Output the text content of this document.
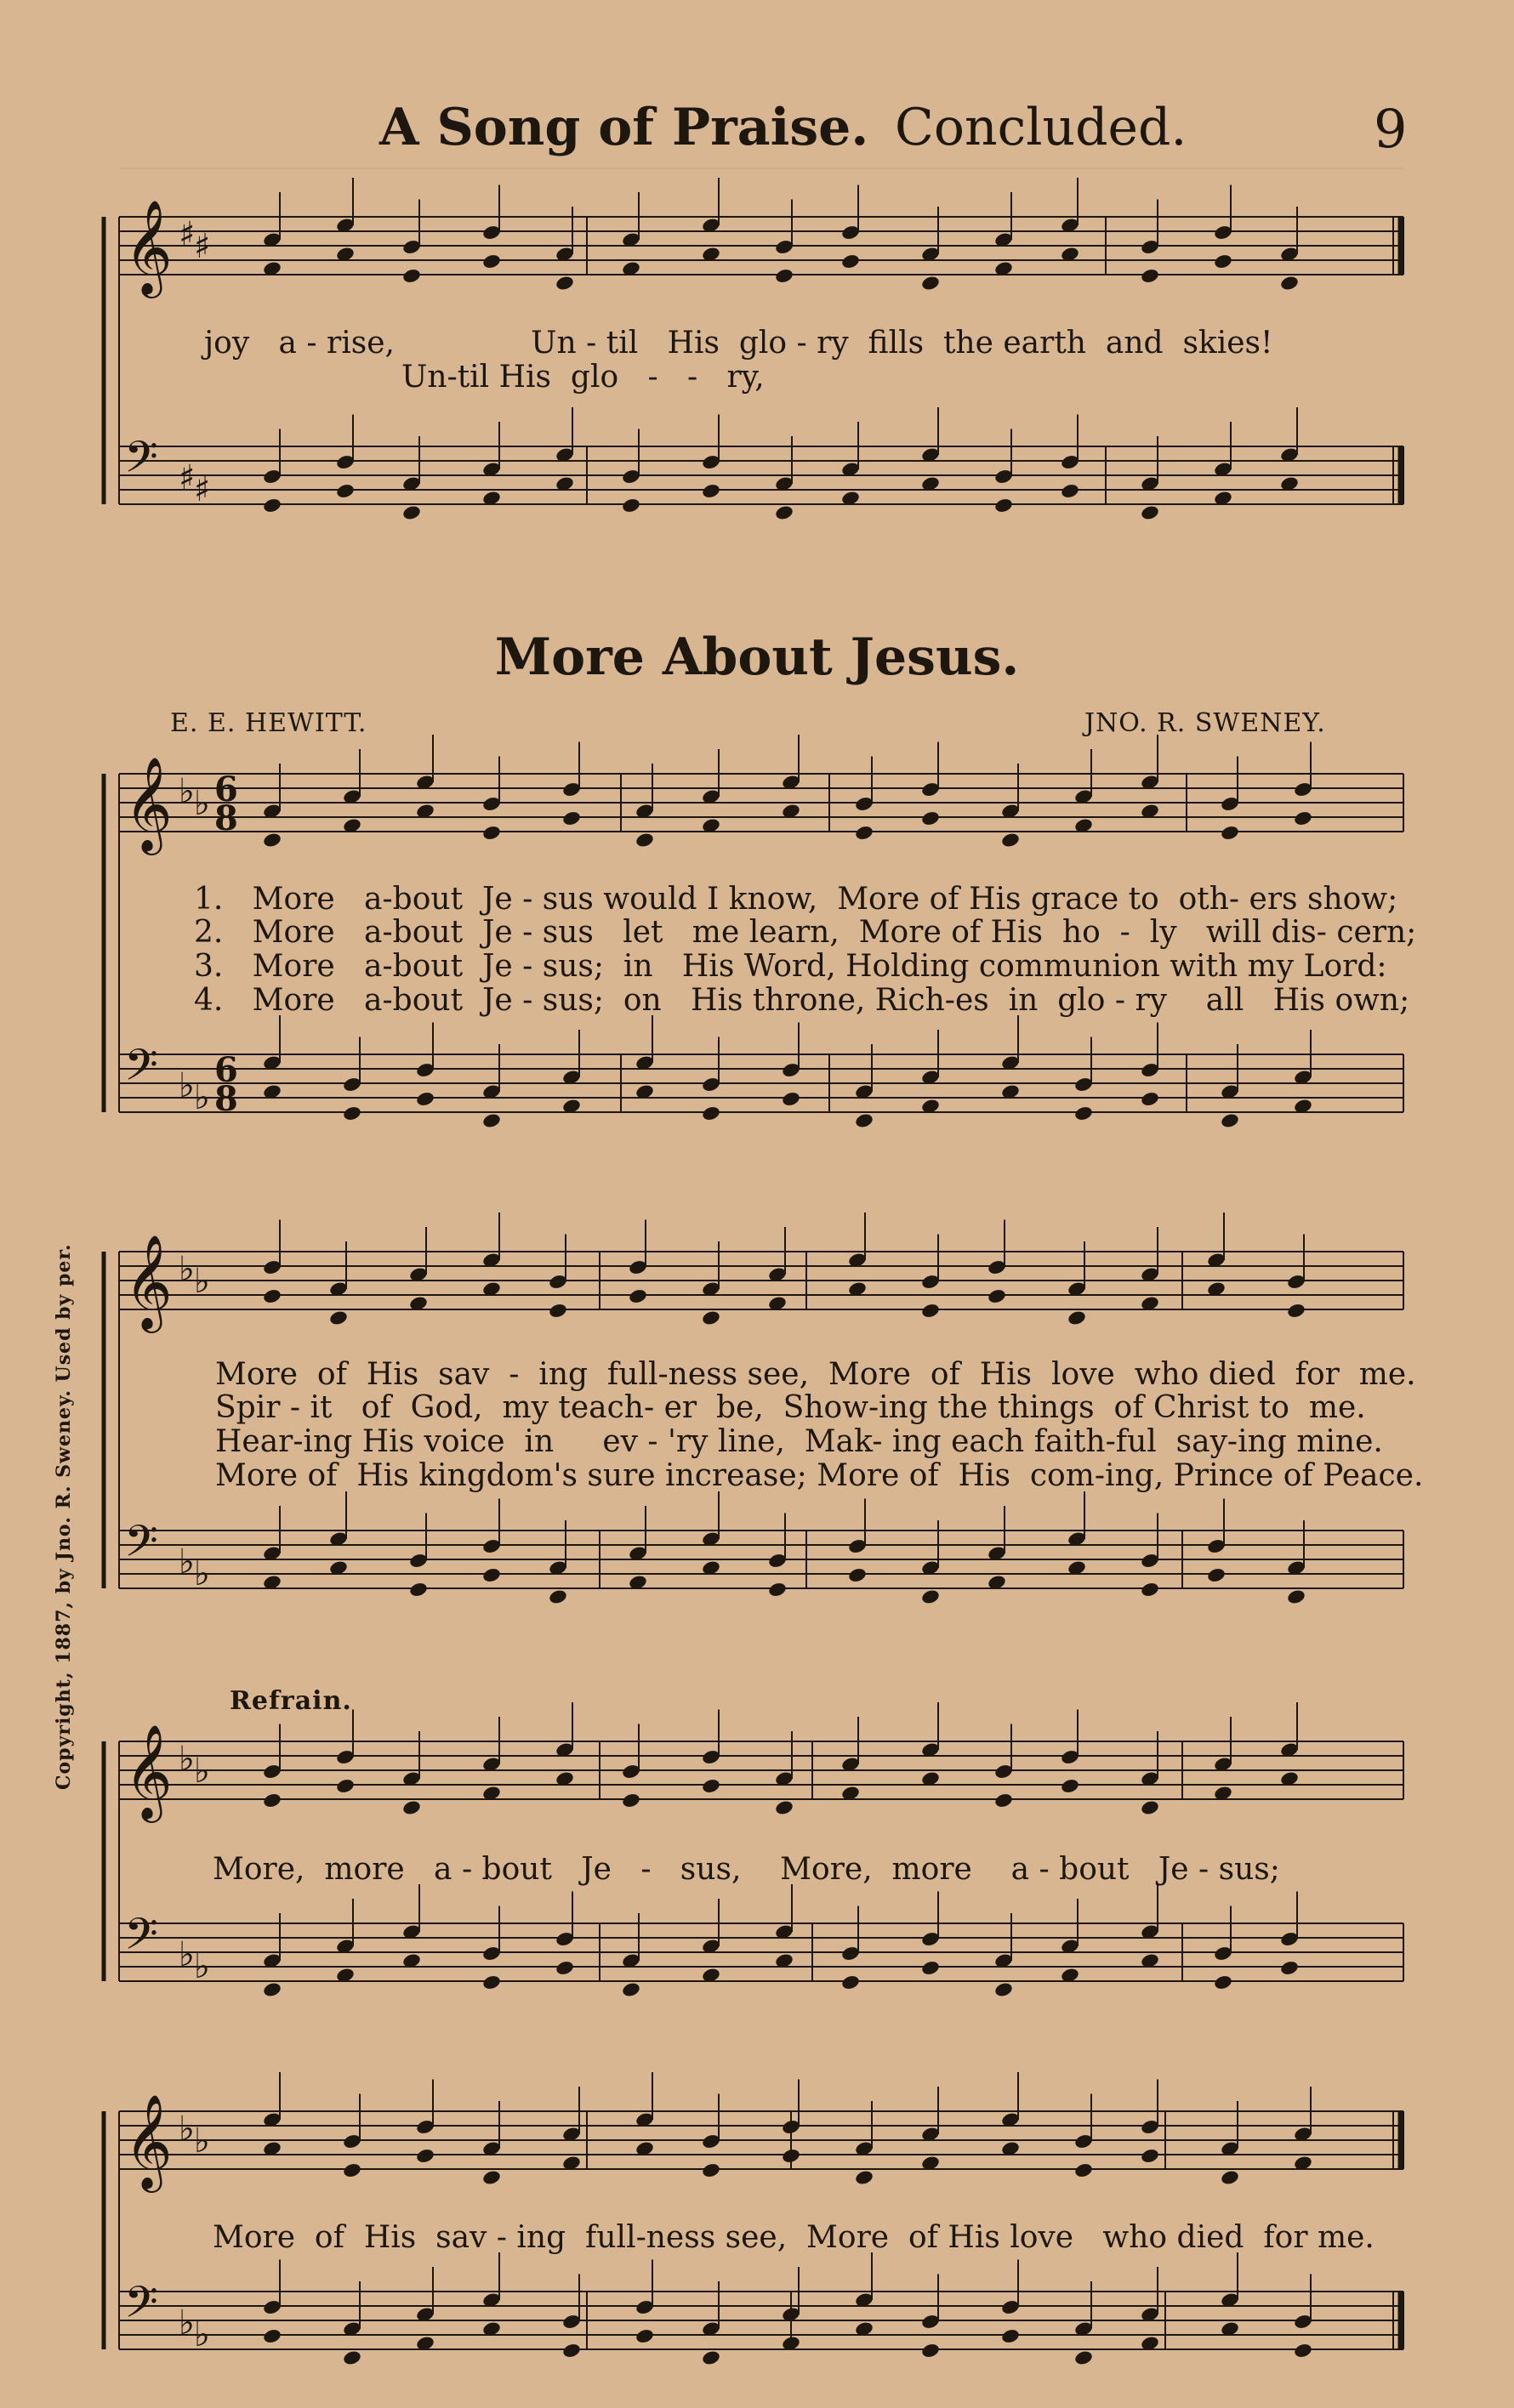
A Song of Praise. Concluded.	9
𝄞 ♯
♯
𝄢 ♯
♯
𝄞 ♭ ♭
𝄢 ♭ ♭
𝄞 ♭ ♭
𝄢 ♭ ♭
𝄞 ♭ ♭
𝄢 ♭ ♭
𝄞 ♭ ♭
𝄢 ♭ ♭
6
8
6
8
joy   a - rise,              Un - til   His  glo - ry  fills  the earth  and  skies!
Un-til His  glo   -   -   ry,
More About Jesus.
E. E. HEWITT.	JNO. R. SWENEY.
1.   More   a-bout  Je - sus would I know,  More of His grace to  oth- ers show;
2.   More   a-bout  Je - sus   let   me learn,  More of His  ho  -  ly   will dis- cern;
3.   More   a-bout  Je - sus;  in   His Word, Holding communion with my Lord:
4.   More   a-bout  Je - sus;  on   His throne, Rich-es  in  glo - ry    all   His own;
More  of  His  sav  -  ing  full-ness see,  More  of  His  love  who died  for  me.
Spir - it   of  God,  my teach- er  be,  Show-ing the things  of Christ to  me.
Hear-ing His voice  in     ev - 'ry line,  Mak- ing each faith-ful  say-ing mine.
More of  His kingdom's sure increase; More of  His  com-ing, Prince of Peace.
Refrain.
More,  more   a - bout   Je   -   sus,    More,  more    a - bout   Je - sus;
More  of  His  sav - ing  full-ness see,  More  of His love   who died  for me.
Copyright, 1887, by Jno. R. Sweney. Used by per.
